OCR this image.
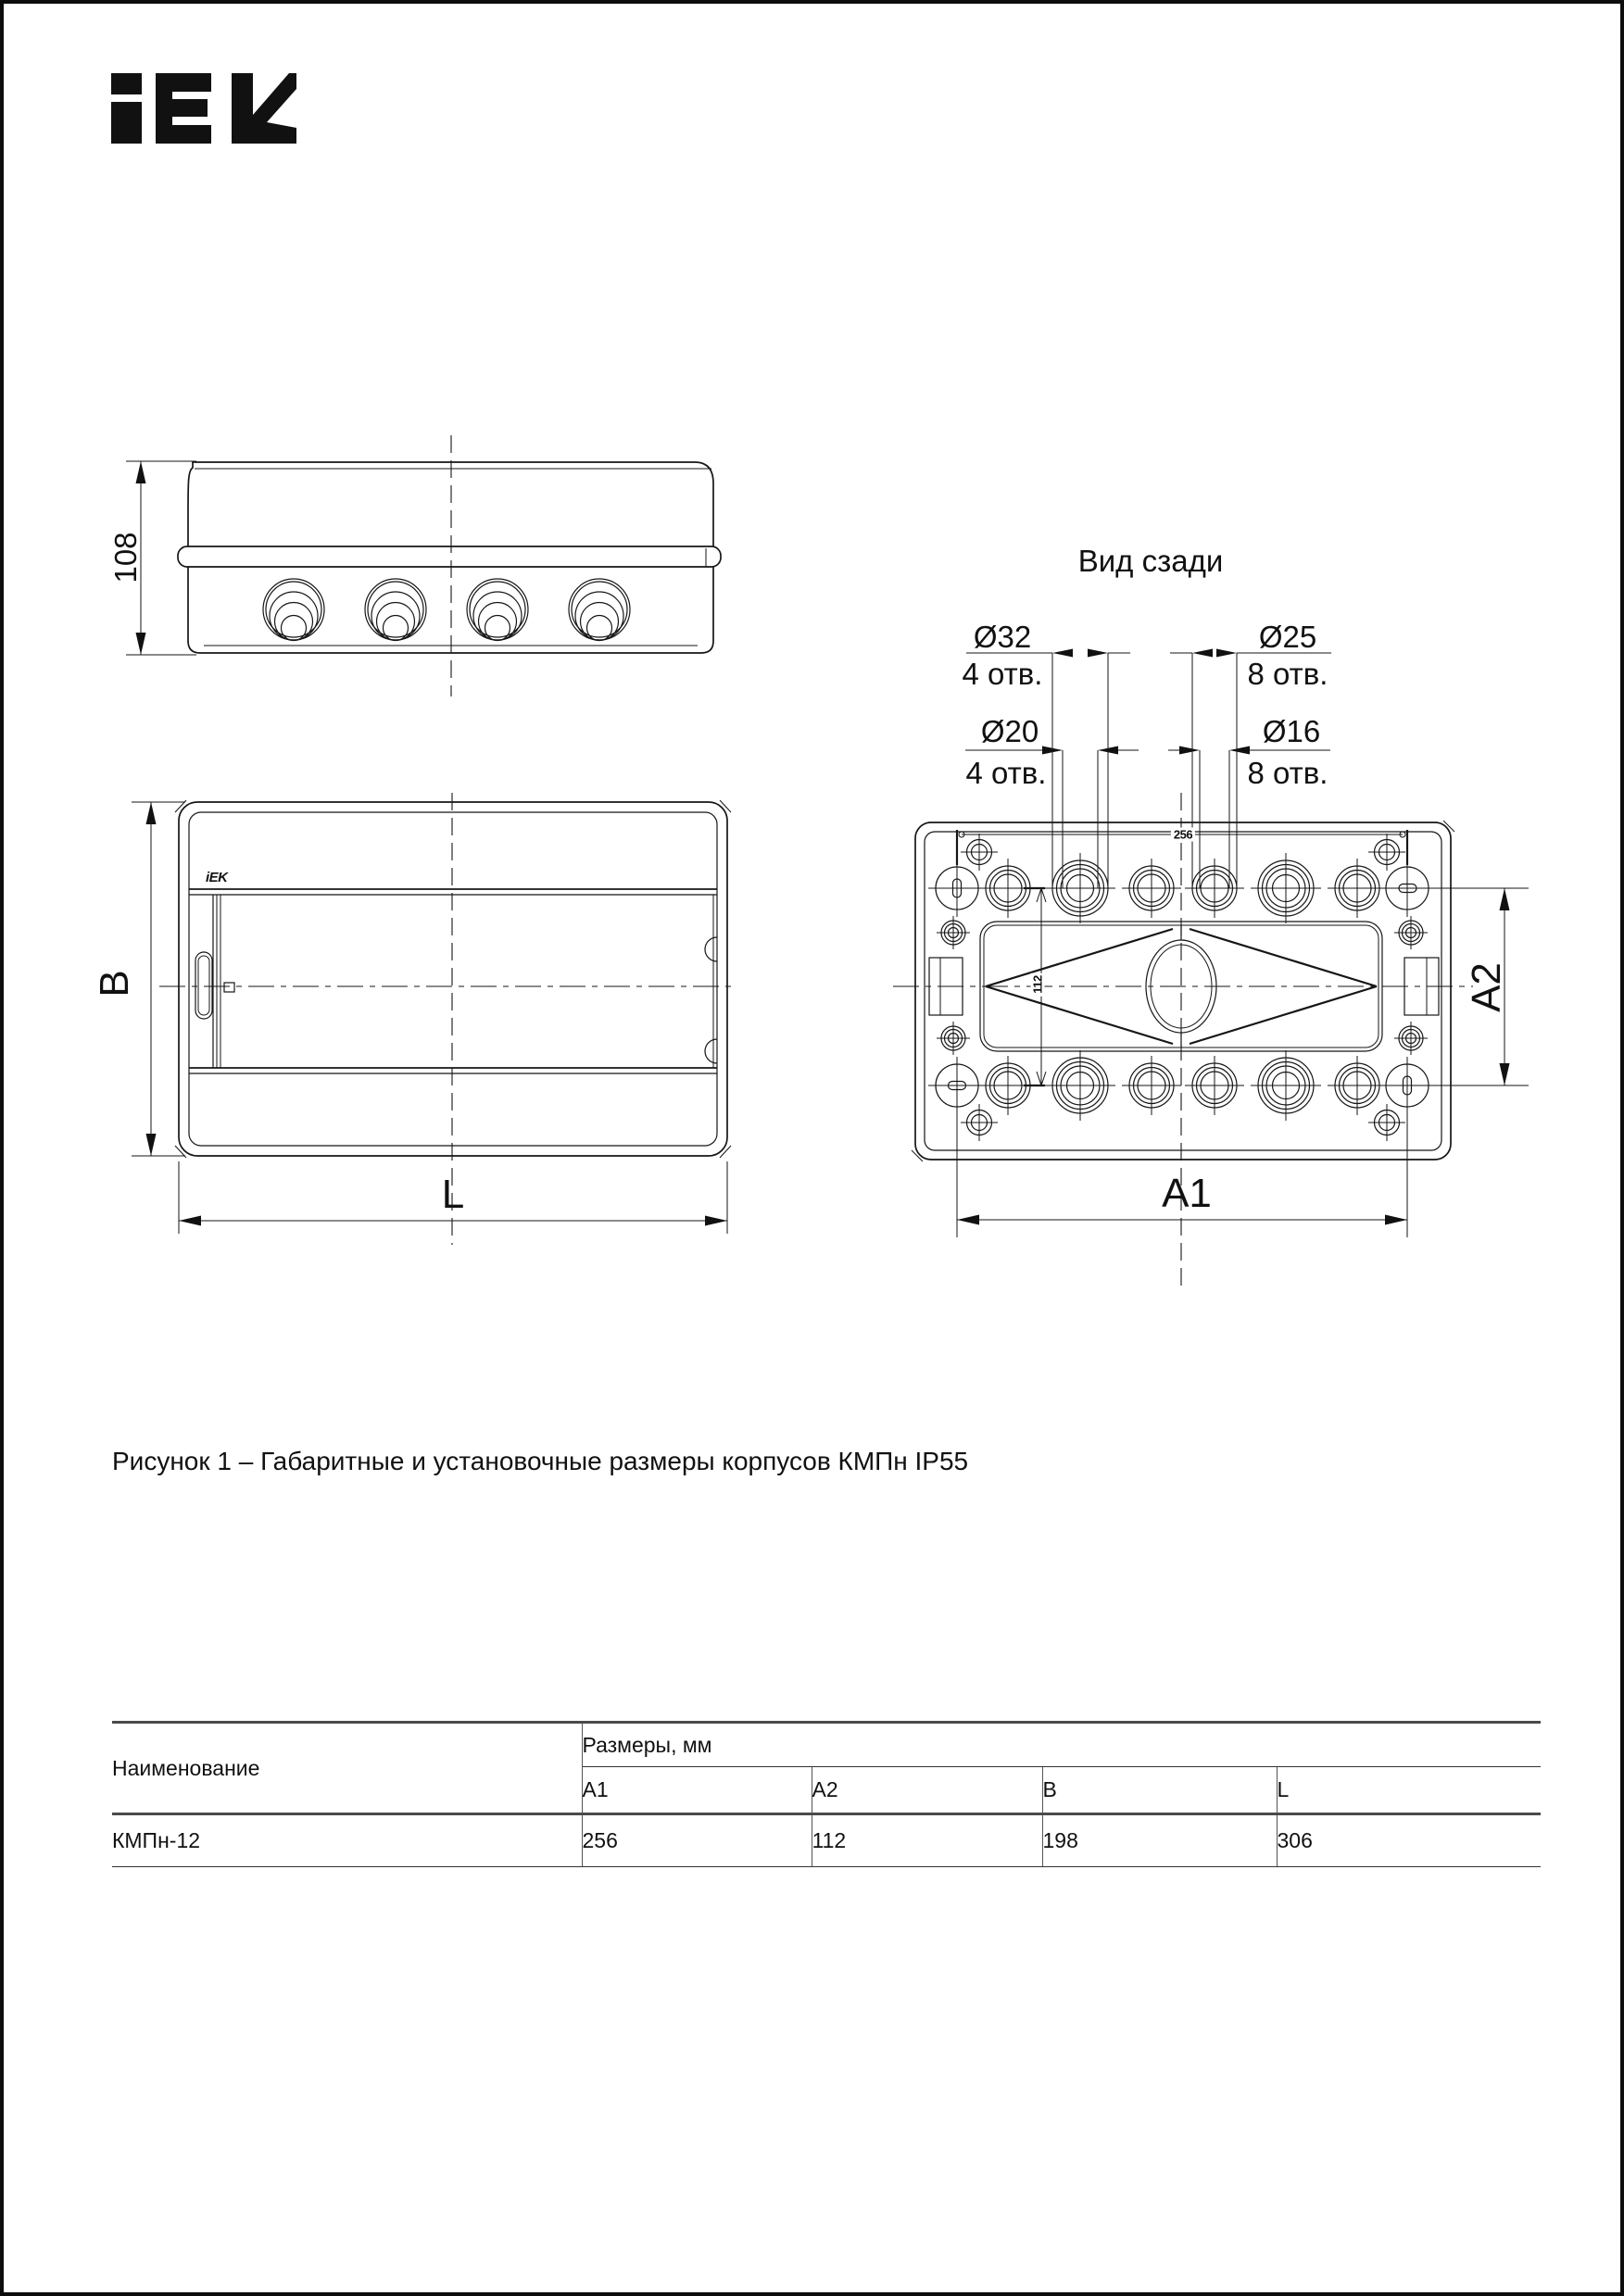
108
iEK
B
L
Вид сзади
Ø32
4 отв.
Ø25
8 отв.
Ø20
4 отв.
Ø16
8 отв.
256
112	A2
A1

Рисунок 1 – Габаритные и установочные размеры корпусов КМПн IP55

Наименование	Размеры, мм			
	A1	A2	B	L
КМПн-12	256	112	198	306
